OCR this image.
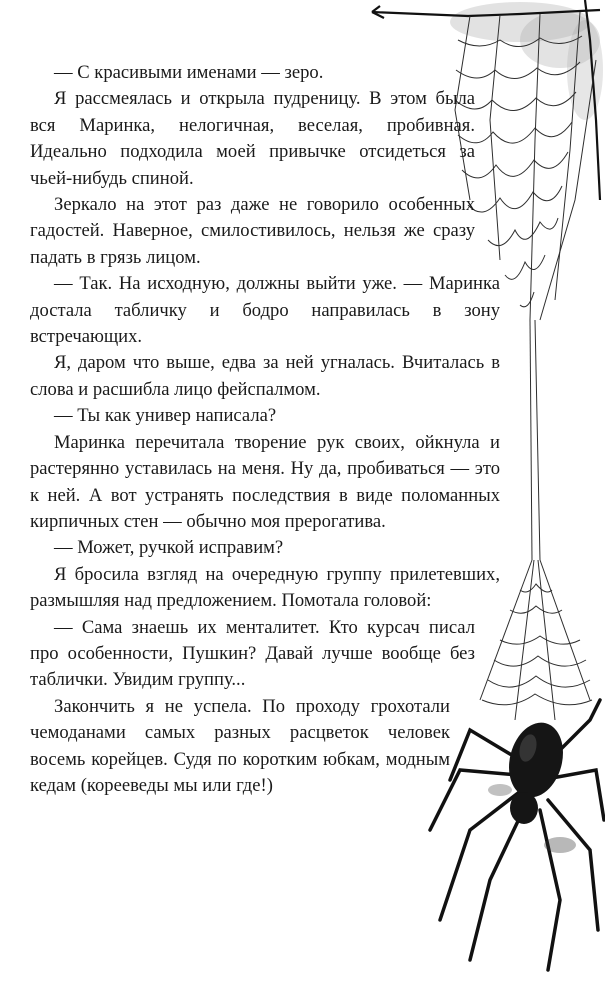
— С красивыми именами — зеро.

Я рассмеялась и открыла пудреницу. В этом была вся Маринка, нелогичная, веселая, пробивная. Идеально подходила моей привычке отсидеться за чьей-нибудь спиной.

Зеркало на этот раз даже не говорило особенных гадостей. Наверное, смилостивилось, нельзя же сразу падать в грязь лицом.

— Так. На исходную, должны выйти уже. — Маринка достала табличку и бодро направилась в зону встречающих.

Я, даром что выше, едва за ней угналась. Вчиталась в слова и расшибла лицо фейспалмом.

— Ты как универ написала?

Маринка перечитала творение рук своих, ойкнула и растерянно уставилась на меня. Ну да, пробиваться — это к ней. А вот устранять последствия в виде поломанных кирпичных стен — обычно моя прерогатива.

— Может, ручкой исправим?

Я бросила взгляд на очередную группу прилетевших, размышляя над предложением. Помотала головой:

— Сама знаешь их менталитет. Кто курсач писал про особенности, Пушкин? Давай лучше вообще без таблички. Увидим группу...

Закончить я не успела. По проходу грохотали чемоданами самых разных расцветок человек восемь корейцев. Судя по коротким юбкам, модным кедам (корееведы мы или где!)
